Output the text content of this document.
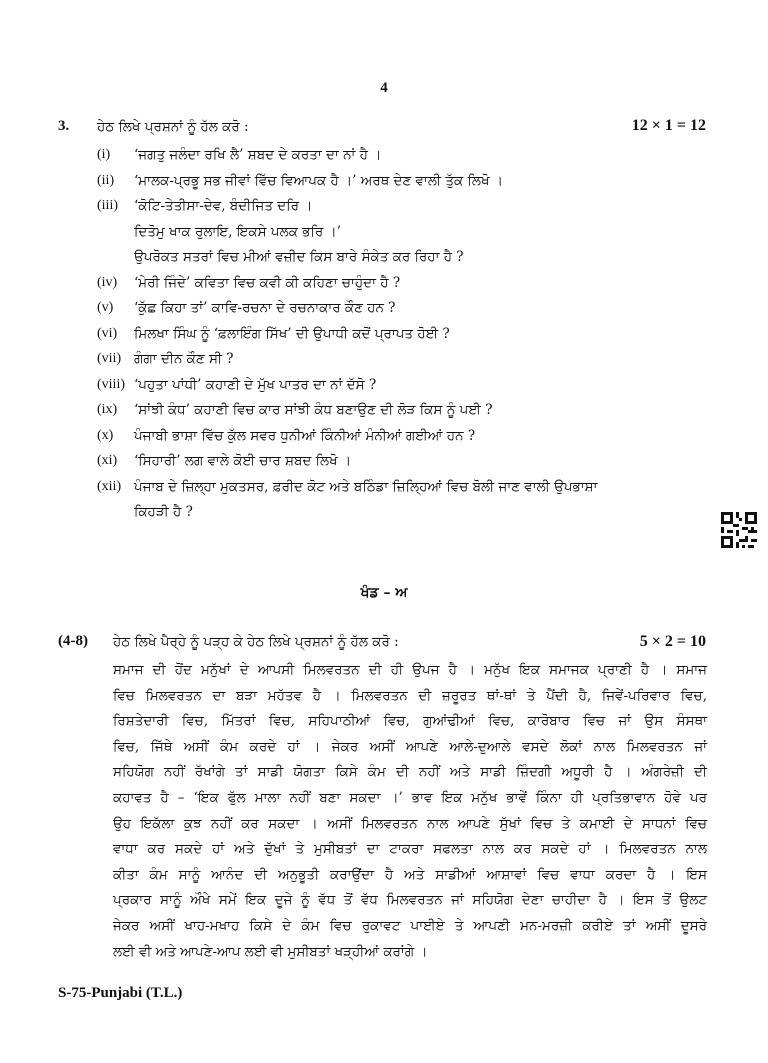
4
3. ਹੇਠ ਲਿਖੇ ਪ੍ਰਸ਼ਨਾਂ ਨੂੰ ਹੱਲ ਕਰੋ :	12 × 1 = 12
(i) ‘ਜਗਤੁ ਜਲੰਦਾ ਰਖਿ ਲੈ’ ਸ਼ਬਦ ਦੇ ਕਰਤਾ ਦਾ ਨਾਂ ਹੈ ।
(ii) ‘ਮਾਲਕ-ਪ੍ਰਭੂ ਸਭ ਜੀਵਾਂ ਵਿੱਚ ਵਿਆਪਕ ਹੈ ।’ ਅਰਥ ਦੇਣ ਵਾਲੀ ਤੁੱਕ ਲਿਖੋ ।
(iii) ‘ਕੋਟਿ-ਤੇਤੀਸਾ-ਦੇਵ, ਬੰਦੀਜਿਤ ਦਰਿ ।
ਦਿਤੋਮੁ ਖਾਕ ਰੁਲਾਇ, ਇਕਸੇ ਪਲਕ ਭਰਿ ।’
ਉਪਰੋਕਤ ਸਤਰਾਂ ਵਿਚ ਮੀਆਂ ਵਜ਼ੀਦ ਕਿਸ ਬਾਰੇ ਸੰਕੇਤ ਕਰ ਰਿਹਾ ਹੈ ?
(iv) ‘ਮੇਰੀ ਜਿੰਦੇ’ ਕਵਿਤਾ ਵਿਚ ਕਵੀ ਕੀ ਕਹਿਣਾ ਚਾਹੁੰਦਾ ਹੈ ?
(v) ‘ਕੁੱਛ ਕਿਹਾ ਤਾਂ’ ਕਾਵਿ-ਰਚਨਾ ਦੇ ਰਚਨਾਕਾਰ ਕੌਣ ਹਨ ?
(vi) ਮਿਲਖਾ ਸਿੰਘ ਨੂੰ ‘ਫ਼ਲਾਇੰਗ ਸਿੱਖ’ ਦੀ ਉਪਾਧੀ ਕਦੋਂ ਪ੍ਰਾਪਤ ਹੋਈ ?
(vii) ਗੰਗਾ ਦੀਨ ਕੌਣ ਸੀ ?
(viii) ‘ਪਹੁਤਾ ਪਾਂਧੀ’ ਕਹਾਣੀ ਦੇ ਮੁੱਖ ਪਾਤਰ ਦਾ ਨਾਂ ਦੱਸੋ ?
(ix) ‘ਸਾਂਝੀ ਕੰਧ’ ਕਹਾਣੀ ਵਿਚ ਕਾਰ ਸਾਂਝੀ ਕੰਧ ਬਣਾਉਣ ਦੀ ਲੋੜ ਕਿਸ ਨੂੰ ਪਈ ?
(x) ਪੰਜਾਬੀ ਭਾਸ਼ਾ ਵਿੱਚ ਕੁੱਲ ਸਵਰ ਧੁਨੀਆਂ ਕਿੰਨੀਆਂ ਮੰਨੀਆਂ ਗਈਆਂ ਹਨ ?
(xi) ‘ਸਿਹਾਰੀ’ ਲਗ ਵਾਲੇ ਕੋਈ ਚਾਰ ਸ਼ਬਦ ਲਿਖੋ ।
(xii) ਪੰਜਾਬ ਦੇ ਜ਼ਿਲ੍ਹਾ ਮੁਕਤਸਰ, ਫ਼ਰੀਦ ਕੋਟ ਅਤੇ ਬਠਿੰਡਾ ਜ਼ਿਲ੍ਹਿਆਂ ਵਿਚ ਬੋਲੀ ਜਾਣ ਵਾਲੀ ਉਪਭਾਸ਼ਾ
ਕਿਹੜੀ ਹੈ ?
ਖੰਡ – ਅ
(4-8) ਹੇਠ ਲਿਖੇ ਪੈਰ੍ਹੇ ਨੂੰ ਪੜ੍ਹ ਕੇ ਹੇਠ ਲਿਖੇ ਪ੍ਰਸ਼ਨਾਂ ਨੂੰ ਹੱਲ ਕਰੋ :	5 × 2 = 10
ਸਮਾਜ ਦੀ ਹੋਂਦ ਮਨੁੱਖਾਂ ਦੇ ਆਪਸੀ ਮਿਲਵਰਤਨ ਦੀ ਹੀ ਉਪਜ ਹੈ । ਮਨੁੱਖ ਇਕ ਸਮਾਜਕ ਪ੍ਰਾਣੀ ਹੈ । ਸਮਾਜ
ਵਿਚ ਮਿਲਵਰਤਨ ਦਾ ਬੜਾ ਮਹੱਤਵ ਹੈ । ਮਿਲਵਰਤਨ ਦੀ ਜ਼ਰੂਰਤ ਥਾਂ-ਥਾਂ ਤੇ ਪੈਂਦੀ ਹੈ, ਜਿਵੇਂ-ਪਰਿਵਾਰ ਵਿਚ,
ਰਿਸ਼ਤੇਦਾਰੀ ਵਿਚ, ਮਿੱਤਰਾਂ ਵਿਚ, ਸਹਿਪਾਠੀਆਂ ਵਿਚ, ਗੁਆਂਢੀਆਂ ਵਿਚ, ਕਾਰੋਬਾਰ ਵਿਚ ਜਾਂ ਉਸ ਸੰਸਥਾ
ਵਿਚ, ਜਿੱਥੇ ਅਸੀਂ ਕੰਮ ਕਰਦੇ ਹਾਂ । ਜੇਕਰ ਅਸੀਂ ਆਪਣੇ ਆਲੇ-ਦੁਆਲੇ ਵਸਦੇ ਲੋਕਾਂ ਨਾਲ ਮਿਲਵਰਤਨ ਜਾਂ
ਸਹਿਯੋਗ ਨਹੀਂ ਰੱਖਾਂਗੇ ਤਾਂ ਸਾਡੀ ਯੋਗਤਾ ਕਿਸੇ ਕੰਮ ਦੀ ਨਹੀਂ ਅਤੇ ਸਾਡੀ ਜ਼ਿੰਦਗੀ ਅਧੂਰੀ ਹੈ । ਅੰਗਰੇਜ਼ੀ ਦੀ
ਕਹਾਵਤ ਹੈ – ‘ਇਕ ਫੁੱਲ ਮਾਲਾ ਨਹੀਂ ਬਣਾ ਸਕਦਾ ।’ ਭਾਵ ਇਕ ਮਨੁੱਖ ਭਾਵੇਂ ਕਿੰਨਾ ਹੀ ਪ੍ਰਤਿਭਾਵਾਨ ਹੋਵੇ ਪਰ
ਉਹ ਇਕੱਲਾ ਕੁਝ ਨਹੀਂ ਕਰ ਸਕਦਾ । ਅਸੀਂ ਮਿਲਵਰਤਨ ਨਾਲ ਆਪਣੇ ਸੁੱਖਾਂ ਵਿਚ ਤੇ ਕਮਾਈ ਦੇ ਸਾਧਨਾਂ ਵਿਚ
ਵਾਧਾ ਕਰ ਸਕਦੇ ਹਾਂ ਅਤੇ ਦੁੱਖਾਂ ਤੇ ਮੁਸੀਬਤਾਂ ਦਾ ਟਾਕਰਾ ਸਫਲਤਾ ਨਾਲ ਕਰ ਸਕਦੇ ਹਾਂ । ਮਿਲਵਰਤਨ ਨਾਲ
ਕੀਤਾ ਕੰਮ ਸਾਨੂੰ ਆਨੰਦ ਦੀ ਅਨੁਭੂਤੀ ਕਰਾਉਂਦਾ ਹੈ ਅਤੇ ਸਾਡੀਆਂ ਆਸ਼ਾਵਾਂ ਵਿਚ ਵਾਧਾ ਕਰਦਾ ਹੈ । ਇਸ
ਪ੍ਰਕਾਰ ਸਾਨੂੰ ਔਖੇ ਸਮੇਂ ਇਕ ਦੂਜੇ ਨੂੰ ਵੱਧ ਤੋਂ ਵੱਧ ਮਿਲਵਰਤਨ ਜਾਂ ਸਹਿਯੋਗ ਦੇਣਾ ਚਾਹੀਦਾ ਹੈ । ਇਸ ਤੋਂ ਉਲਟ
ਜੇਕਰ ਅਸੀਂ ਖਾਹ-ਮਖਾਹ ਕਿਸੇ ਦੇ ਕੰਮ ਵਿਚ ਰੁਕਾਵਟ ਪਾਈਏ ਤੇ ਆਪਣੀ ਮਨ-ਮਰਜ਼ੀ ਕਰੀਏ ਤਾਂ ਅਸੀਂ ਦੂਸਰੇ
ਲਈ ਵੀ ਅਤੇ ਆਪਣੇ-ਆਪ ਲਈ ਵੀ ਮੁਸੀਬਤਾਂ ਖੜ੍ਹੀਆਂ ਕਰਾਂਗੇ ।
S-75-Punjabi (T.L.)
